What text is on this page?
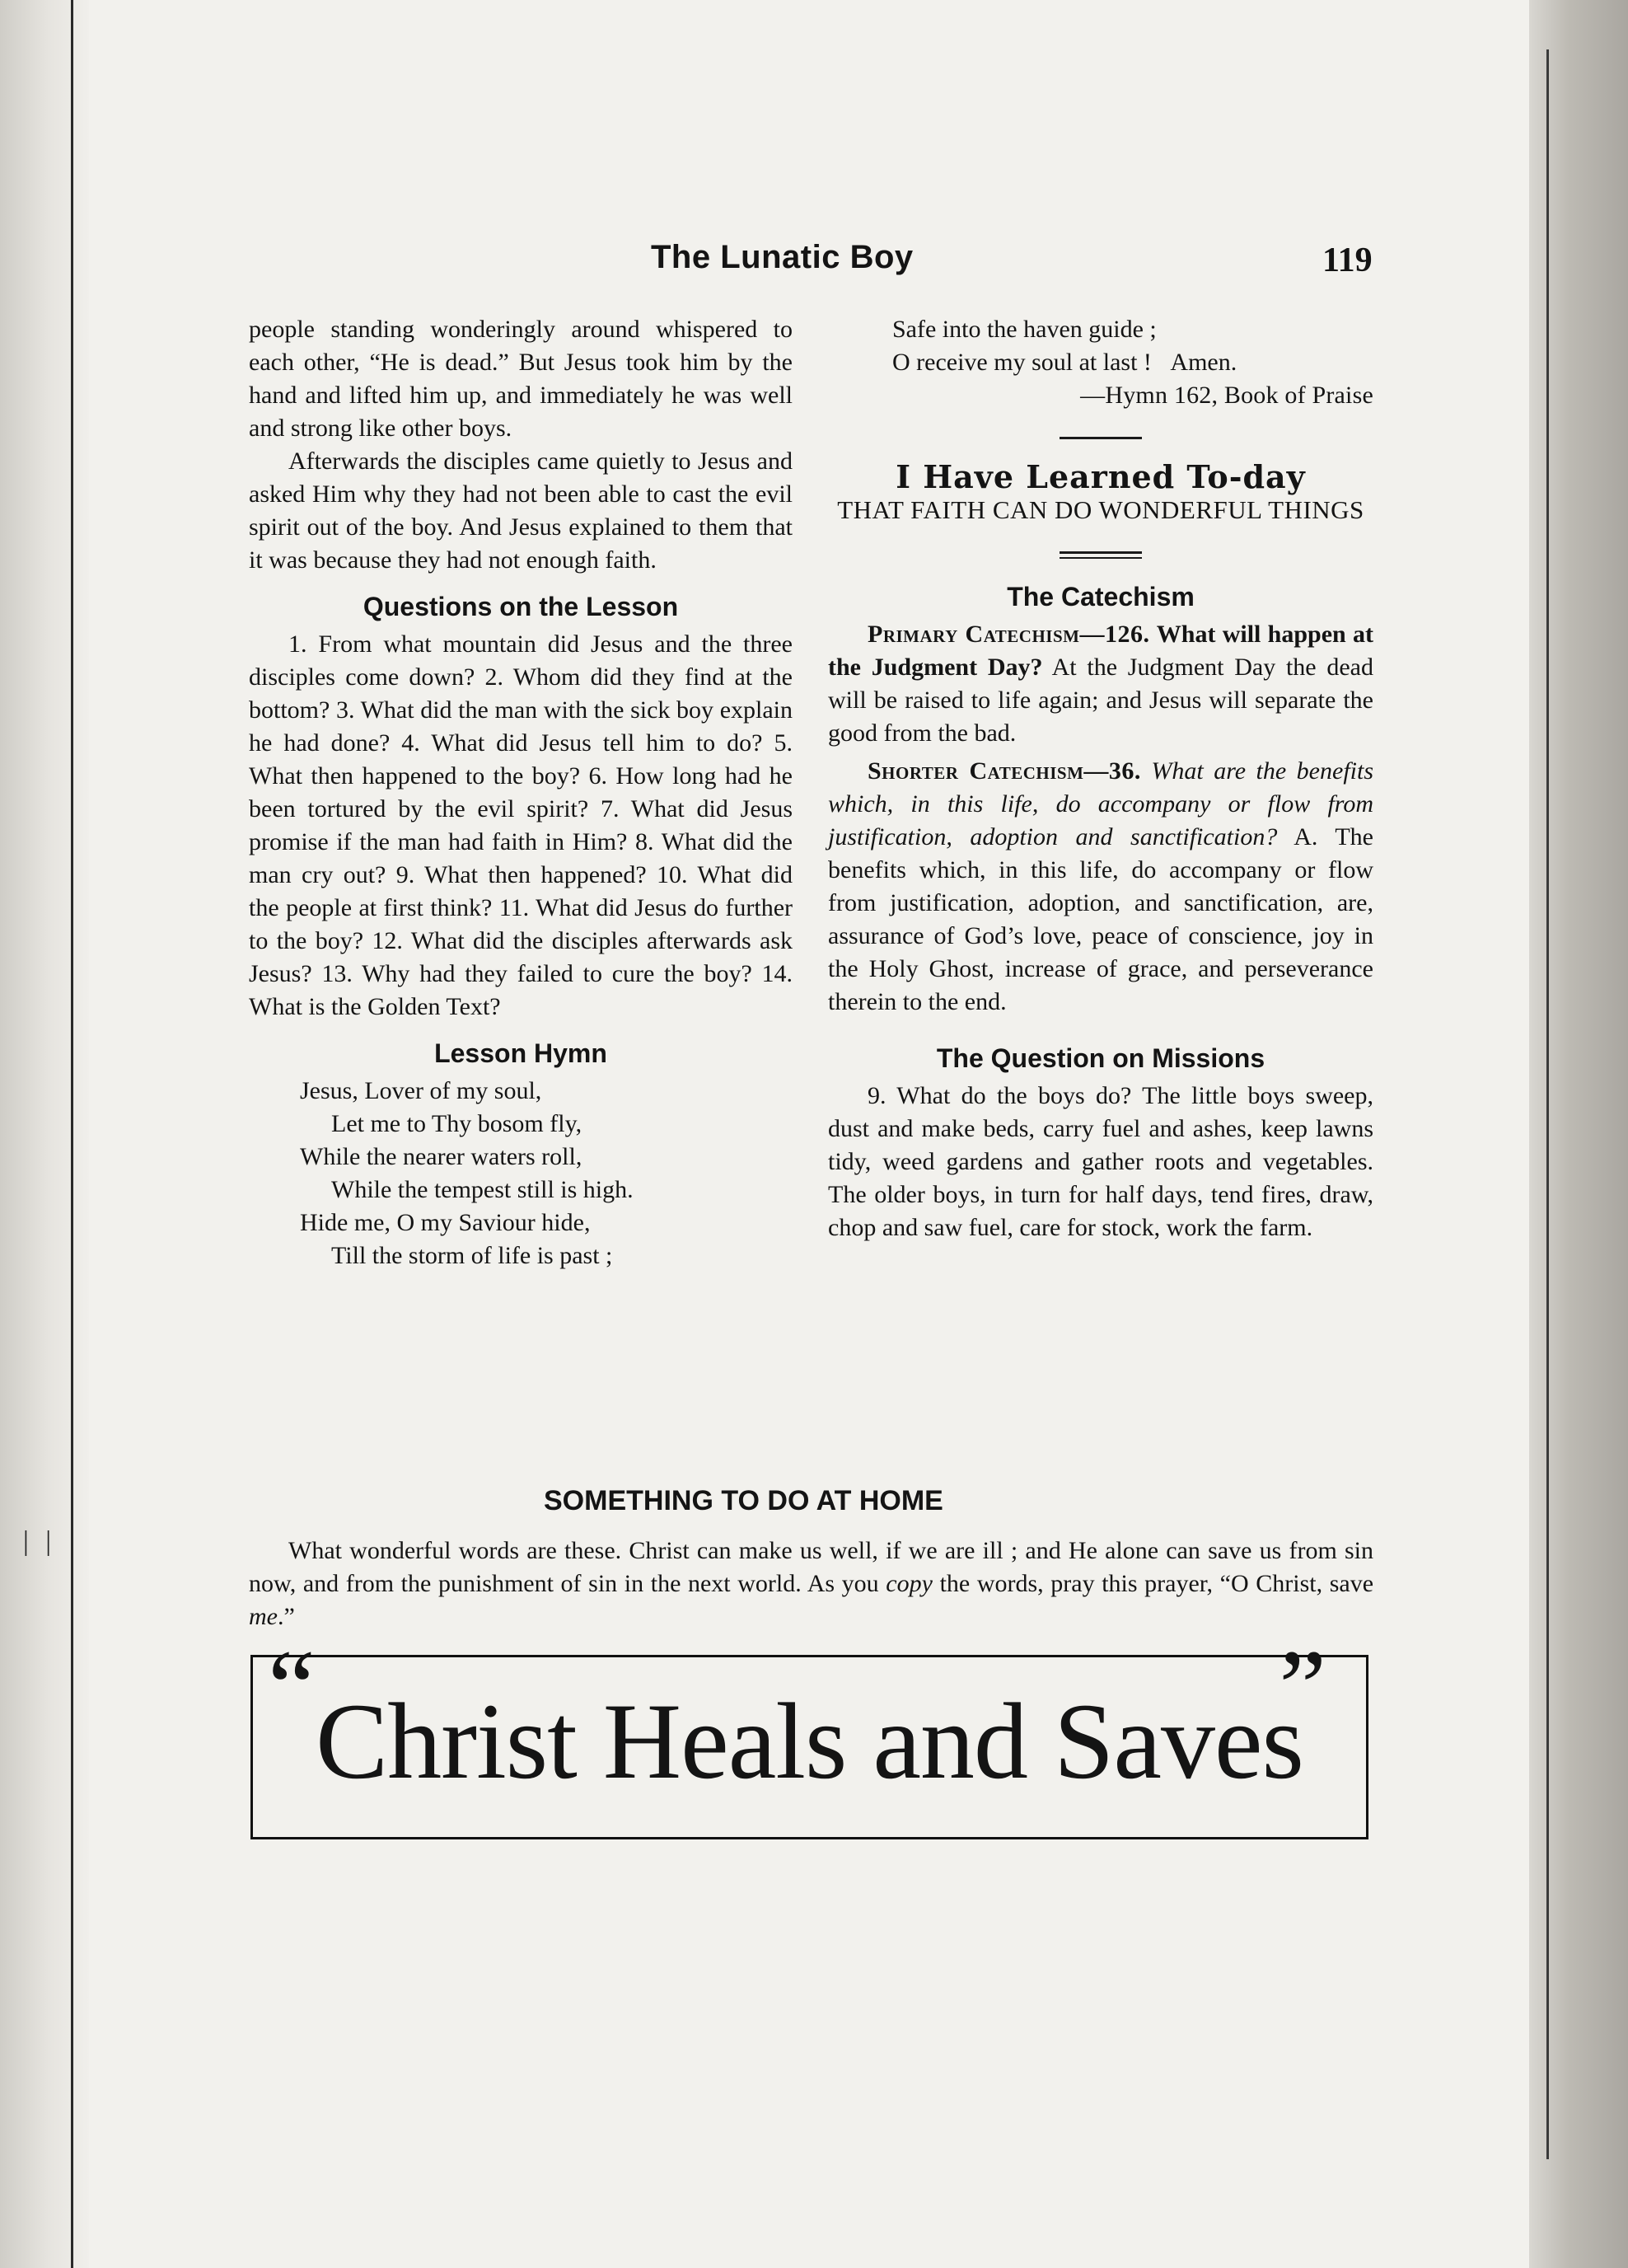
| |
The Lunatic Boy	119

people standing wonderingly around whispered to each other, “He is dead.” But Jesus took him by the hand and lifted him up, and immediately he was well and strong like other boys.

Afterwards the disciples came quietly to Jesus and asked Him why they had not been able to cast the evil spirit out of the boy. And Jesus explained to them that it was because they had not enough faith.

Questions on the Lesson

1. From what mountain did Jesus and the three disciples come down? 2. Whom did they find at the bottom? 3. What did the man with the sick boy explain he had done? 4. What did Jesus tell him to do? 5. What then happened to the boy? 6. How long had he been tortured by the evil spirit? 7. What did Jesus promise if the man had faith in Him? 8. What did the man cry out? 9. What then happened? 10. What did the people at first think? 11. What did Jesus do further to the boy? 12. What did the disciples afterwards ask Jesus? 13. Why had they failed to cure the boy? 14. What is the Golden Text?

Lesson Hymn
Jesus, Lover of my soul,
Let me to Thy bosom fly,
While the nearer waters roll,
While the tempest still is high.
Hide me, O my Saviour hide,
Till the storm of life is past ;
Safe into the haven guide ;
O receive my soul at last ! Amen.
—Hymn 162, Book of Praise
I Have Learned To-day
THAT FAITH CAN DO WONDERFUL THINGS
The Catechism

Primary Catechism—126. What will happen at the Judgment Day? At the Judgment Day the dead will be raised to life again; and Jesus will separate the good from the bad.

Shorter Catechism—36. What are the benefits which, in this life, do accompany or flow from justification, adoption and sanctification? A. The benefits which, in this life, do accompany or flow from justification, adoption, and sanctification, are, assurance of God’s love, peace of conscience, joy in the Holy Ghost, increase of grace, and perseverance therein to the end.

The Question on Missions

9. What do the boys do? The little boys sweep, dust and make beds, carry fuel and ashes, keep lawns tidy, weed gardens and gather roots and vegetables. The older boys, in turn for half days, tend fires, draw, chop and saw fuel, care for stock, work the farm.

SOMETHING TO DO AT HOME

What wonderful words are these. Christ can make us well, if we are ill ; and He alone can save us from sin now, and from the punishment of sin in the next world. As you copy the words, pray this prayer, “O Christ, save me.”

“ Christ Heals and Saves
”
